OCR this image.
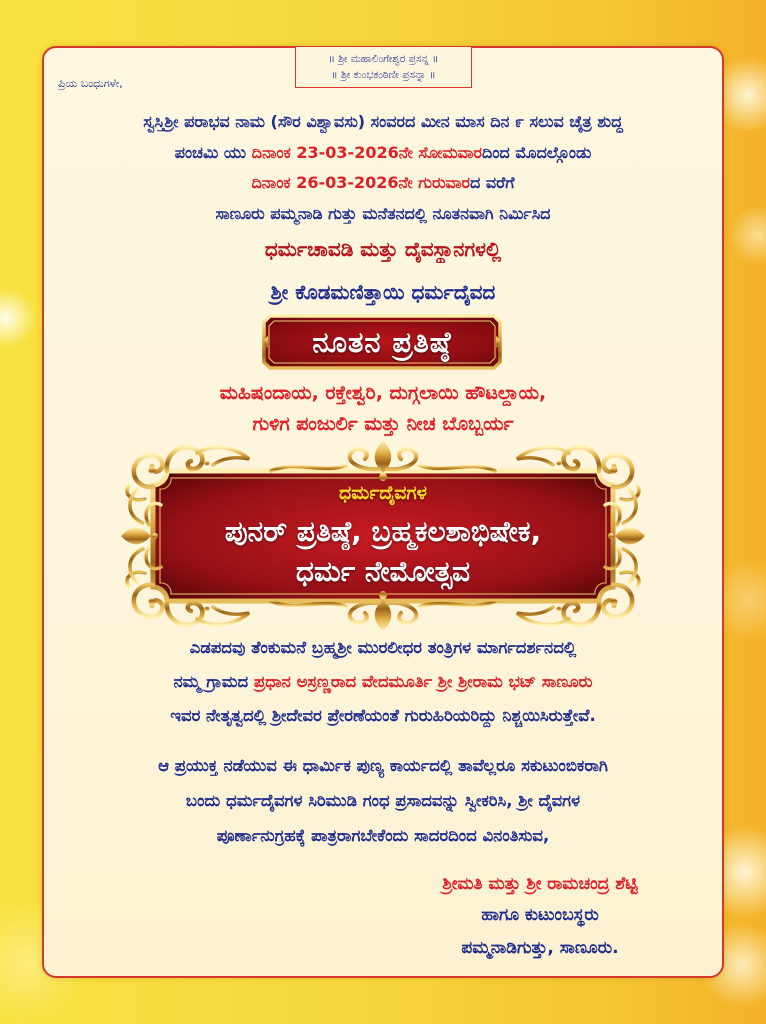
॥ ಶ್ರೀ ಮಹಾಲಿಂಗೇಶ್ವರ ಪ್ರಸನ್ನ ॥
॥ ಶ್ರೀ ಕುಂಭಕಂಠಿಣೀ ಪ್ರಸನ್ನಾ ॥
ಪ್ರಿಯ ಬಂಧುಗಳೇ,
ಸ್ವಸ್ತಿಶ್ರೀ ಪರಾಭವ ನಾಮ (ಸೌರ ವಿಶ್ವಾವಸು) ಸಂವರದ ಮೀನ ಮಾಸ ದಿನ ೯ ಸಲುವ ಚೈತ್ರ ಶುದ್ಧ
ಪಂಚಮಿ ಯು ದಿನಾಂಕ 23-03-2026ನೇ ಸೋಮವಾರದಿಂದ ಮೊದಲ್ಗೊಂಡು
ದಿನಾಂಕ 26-03-2026ನೇ ಗುರುವಾರದ ವರೆಗೆ
ಸಾಣೂರು ಪಮ್ಮನಾಡಿ ಗುತ್ತು ಮನೆತನದಲ್ಲಿ ನೂತನವಾಗಿ ನಿರ್ಮಿಸಿದ
ಧರ್ಮಚಾವಡಿ ಮತ್ತು ದೈವಸ್ಥಾನಗಳಲ್ಲಿ
ಶ್ರೀ ಕೊಡಮಣಿತ್ತಾಯಿ ಧರ್ಮದೈವದ
ನೂತನ ಪ್ರತಿಷ್ಠೆ
ಮಹಿಷಂದಾಯ, ರಕ್ತೇಶ್ವರಿ, ದುಗ್ಗಲಾಯಿ ಹೌಟಲ್ದಾಯ,
ಗುಳಿಗ ಪಂಜುರ್ಲಿ ಮತ್ತು ನೀಚ ಬೊಬ್ಬರ್ಯ
ಧರ್ಮದೈವಗಳ
ಪುನರ್ ಪ್ರತಿಷ್ಠೆ, ಬ್ರಹ್ಮಕಲಶಾಭಿಷೇಕ,
ಧರ್ಮ ನೇಮೋತ್ಸವ
ಎಡಪದವು ತೆಂಕುಮನೆ ಬ್ರಹ್ಮಶ್ರೀ ಮುರಲೀಧರ ತಂತ್ರಿಗಳ ಮಾರ್ಗದರ್ಶನದಲ್ಲಿ
ನಮ್ಮ ಗ್ರಾಮದ ಪ್ರಧಾನ ಅಸ್ರಣ್ಣರಾದ ವೇದಮೂರ್ತಿ ಶ್ರೀ ಶ್ರೀರಾಮ ಭಟ್ ಸಾಣೂರು
ಇವರ ನೇತೃತ್ವದಲ್ಲಿ ಶ್ರೀದೇವರ ಪ್ರೇರಣೆಯಂತೆ ಗುರುಹಿರಿಯರಿದ್ದು ನಿಶ್ಚಯಿಸಿರುತ್ತೇವೆ.
ಆ ಪ್ರಯುಕ್ತ ನಡೆಯುವ ಈ ಧಾರ್ಮಿಕ ಪುಣ್ಯ ಕಾರ್ಯದಲ್ಲಿ ತಾವೆಲ್ಲರೂ ಸಕುಟುಂಬಿಕರಾಗಿ
ಬಂದು ಧರ್ಮದೈವಗಳ ಸಿರಿಮುಡಿ ಗಂಧ ಪ್ರಸಾದವನ್ನು ಸ್ವೀಕರಿಸಿ, ಶ್ರೀ ದೈವಗಳ
ಪೂರ್ಣಾನುಗ್ರಹಕ್ಕೆ ಪಾತ್ರರಾಗಬೇಕೆಂದು ಸಾದರದಿಂದ ವಿನಂತಿಸುವ,
ಶ್ರೀಮತಿ ಮತ್ತು ಶ್ರೀ ರಾಮಚಂದ್ರ ಶೆಟ್ಟಿ
ಹಾಗೂ ಕುಟುಂಬಸ್ಥರು
ಪಮ್ಮನಾಡಿಗುತ್ತು, ಸಾಣೂರು.
